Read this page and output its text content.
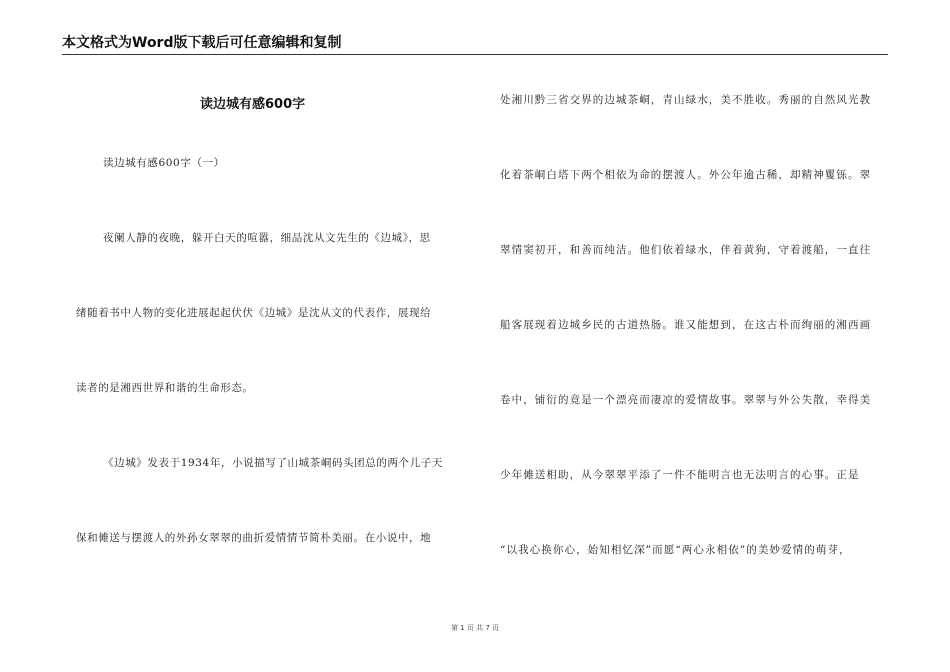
本文格式为Word版下载后可任意编辑和复制
读边城有感600字
读边城有感600字（一）
夜阑人静的夜晚，躲开白天的喧嚣，细品沈从文先生的《边城》，思
绪随着书中人物的变化进展起起伏伏《边城》是沈从文的代表作，展现给
读者的是湘西世界和谐的生命形态。
《边城》发表于1934年，小说描写了山城茶峒码头团总的两个儿子天
保和傩送与摆渡人的外孙女翠翠的曲折爱情情节简朴美丽。在小说中，地
处湘川黔三省交界的边城茶峒，青山绿水，美不胜收。秀丽的自然风光教
化着茶峒白塔下两个相依为命的摆渡人。外公年逾古稀，却精神矍铄。翠
翠情窦初开，和善而纯洁。他们依着绿水，伴着黄狗，守着渡船，一直往
船客展现着边城乡民的古道热肠。谁又能想到，在这古朴而绚丽的湘西画
卷中，铺衍的竟是一个漂亮而凄凉的爱情故事。翠翠与外公失散，幸得美
少年傩送相助，从今翠翠平添了一件不能明言也无法明言的心事。正是
“以我心换你心，始知相忆深”而愿“两心永相依”的美妙爱情的萌芽，
第 1 页 共 7 页
